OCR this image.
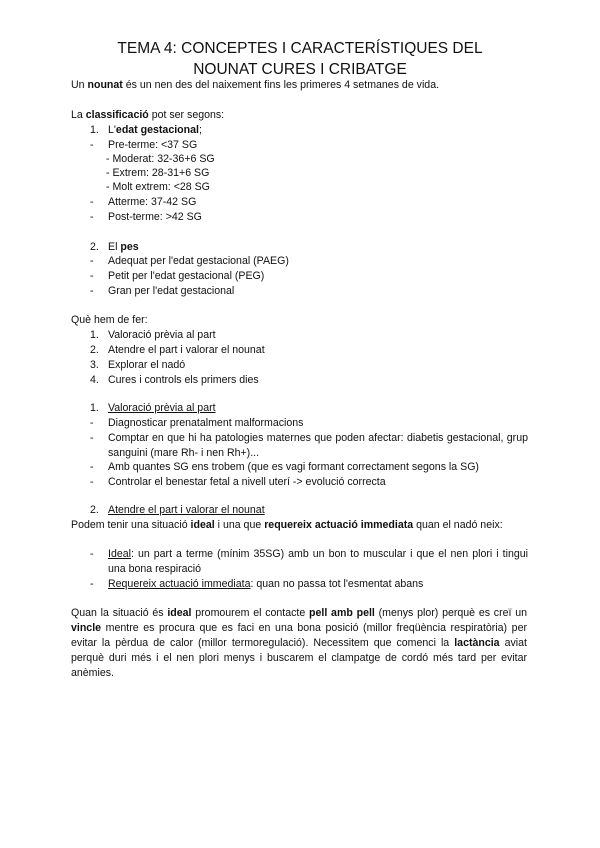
TEMA 4: CONCEPTES I CARACTERÍSTIQUES DEL
NOUNAT CURES I CRIBATGE
Un nounat és un nen des del naixement fins les primeres 4 setmanes de vida.
La classificació pot ser segons:
1. L'edat gestacional;
- Pre-terme: <37 SG
- Moderat: 32-36+6 SG
- Extrem: 28-31+6 SG
- Molt extrem: <28 SG
- Atterme: 37-42 SG
- Post-terme: >42 SG
2. El pes
- Adequat per l'edat gestacional (PAEG)
- Petit per l'edat gestacional (PEG)
- Gran per l'edat gestacional
Què hem de fer:
1. Valoració prèvia al part
2. Atendre el part i valorar el nounat
3. Explorar el nadó
4. Cures i controls els primers dies
1. Valoració prèvia al part
- Diagnosticar prenatalment malformacions
- Comptar en que hi ha patologies maternes que poden afectar: diabetis gestacional, grup sanguini (mare Rh- i nen Rh+)...
- Amb quantes SG ens trobem (que es vagi formant correctament segons la SG)
- Controlar el benestar fetal a nivell uterí -> evolució correcta
2. Atendre el part i valorar el nounat
Podem tenir una situació ideal i una que requereix actuació immediata quan el nadó neix:
- Ideal: un part a terme (mínim 35SG) amb un bon to muscular i que el nen plori i tingui una bona respiració
- Requereix actuació immediata: quan no passa tot l'esmentat abans
Quan la situació és ideal promourem el contacte pell amb pell (menys plor) perquè es creï un vincle mentre es procura que es faci en una bona posició (millor freqüència respiratòria) per evitar la pèrdua de calor (millor termoregulació). Necessitem que comenci la lactància aviat perquè duri més i el nen plori menys i buscarem el clampatge de cordó més tard per evitar anèmies.
